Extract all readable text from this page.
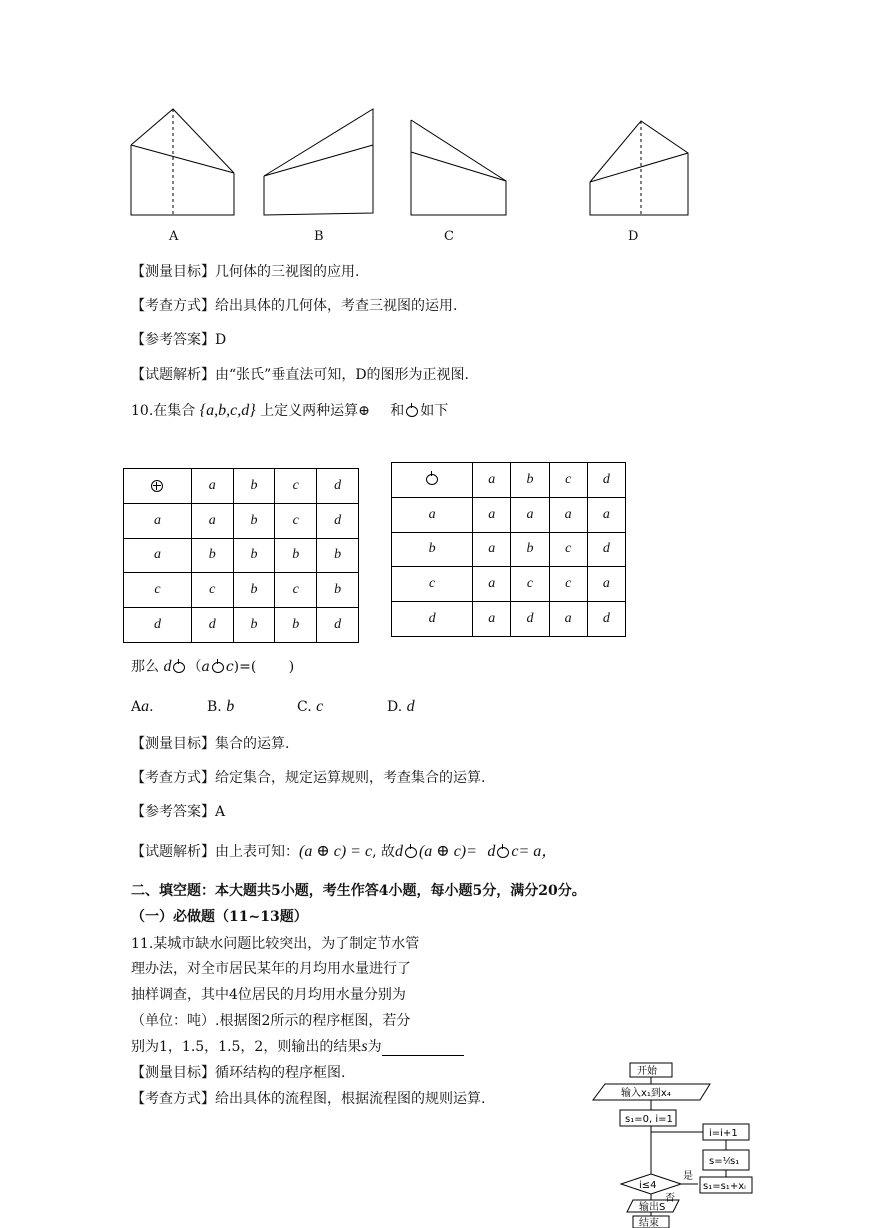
A	B	C	D
【测量目标】几何体的三视图的应用.
【考查方式】给出具体的几何体，考查三视图的运用.
【参考答案】D
【试题解析】由“张氏”垂直法可知，D的图形为正视图.
10.在集合 {a,b,c,d} 上定义两种运算⊕ 和 如下
	a	b	c	d
a	a	b	c	d
a	b	b	b	b
c	c	b	c	b
d	d	b	b	d
	a	b	c	d
a	a	a	a	a
b	a	b	c	d
c	a	c	c	a
d	a	d	a	d
那么 d （a c)=(　　 )
Aa.	B. b	C. c	D. d
【测量目标】集合的运算.
【考查方式】给定集合，规定运算规则，考查集合的运算.
【参考答案】A
【试题解析】由上表可知：(a ⊕ c) = c, 故d (a ⊕ c)= d c= a，
二、填空题：本大题共5小题，考生作答4小题，每小题5分，满分20分。
（一）必做题（11~13题）
11.某城市缺水问题比较突出，为了制定节水管
理办法，对全市居民某年的月均用水量进行了
抽样调查，其中4位居民的月均用水量分别为
（单位：吨）.根据图2所示的程序框图，若分
别为1，1.5，1.5，2，则输出的结果s为
【测量目标】循环结构的程序框图.
【考查方式】给出具体的流程图，根据流程图的规则运算.
开始
输入x₁到x₄
s₁=0, i=1
i≤4
是
否
s₁=s₁+xᵢ
s=⅟ᵢs₁
i=i+1
输出S
结束
